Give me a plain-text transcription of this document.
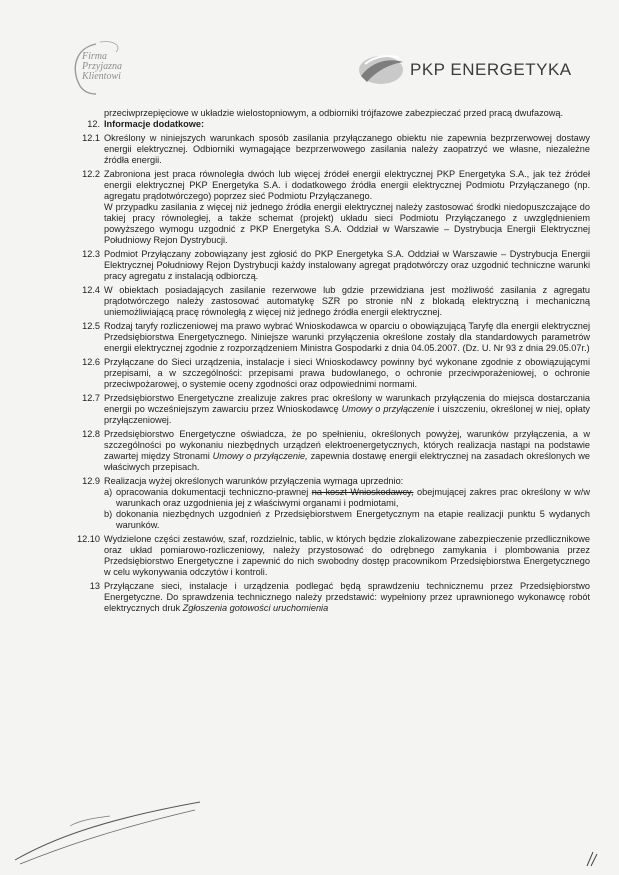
Firma
Przyjazna
Klientowi	PKP ENERGETYKA

przeciwprzepięciowe w układzie wielostopniowym, a odbiorniki trójfazowe zabezpieczać przed pracą dwufazową.

12. Informacje dodatkowe:

12.1 Określony w niniejszych warunkach sposób zasilania przyłączanego obiektu nie zapewnia bezprzerwowej dostawy energii elektrycznej. Odbiorniki wymagające bezprzerwowego zasilania należy zaopatrzyć we własne, niezależne źródła energii.

12.2 Zabroniona jest praca równoległa dwóch lub więcej źródeł energii elektrycznej PKP Energetyka S.A., jak też źródeł energii elektrycznej PKP Energetyka S.A. i dodatkowego źródła energii elektrycznej Podmiotu Przyłączanego (np. agregatu prądotwórczego) poprzez sieć Podmiotu Przyłączanego.

W przypadku zasilania z więcej niż jednego źródła energii elektrycznej należy zastosować środki niedopuszczające do takiej pracy równoległej, a także schemat (projekt) układu sieci Podmiotu Przyłączanego z uwzględnieniem powyższego wymogu uzgodnić z PKP Energetyka S.A. Oddział w Warszawie – Dystrybucja Energii Elektrycznej Południowy Rejon Dystrybucji.

12.3 Podmiot Przyłączany zobowiązany jest zgłosić do PKP Energetyka S.A. Oddział w Warszawie – Dystrybucja Energii Elektrycznej Południowy Rejon Dystrybucji każdy instalowany agregat prądotwórczy oraz uzgodnić techniczne warunki pracy agregatu z instalacją odbiorczą.

12.4 W obiektach posiadających zasilanie rezerwowe lub gdzie przewidziana jest możliwość zasilania z agregatu prądotwórczego należy zastosować automatykę SZR po stronie nN z blokadą elektryczną i mechaniczną uniemożliwiającą pracę równoległą z więcej niż jednego źródła energii elektrycznej.

12.5 Rodzaj taryfy rozliczeniowej ma prawo wybrać Wnioskodawca w oparciu o obowiązującą Taryfę dla energii elektrycznej Przedsiębiorstwa Energetycznego. Niniejsze warunki przyłączenia określone zostały dla standardowych parametrów energii elektrycznej zgodnie z rozporządzeniem Ministra Gospodarki z dnia 04.05.2007. (Dz. U. Nr 93 z dnia 29.05.07r.)

12.6 Przyłączane do Sieci urządzenia, instalacje i sieci Wnioskodawcy powinny być wykonane zgodnie z obowiązującymi przepisami, a w szczególności: przepisami prawa budowlanego, o ochronie przeciwporażeniowej, o ochronie przeciwpożarowej, o systemie oceny zgodności oraz odpowiednimi normami.

12.7 Przedsiębiorstwo Energetyczne zrealizuje zakres prac określony w warunkach przyłączenia do miejsca dostarczania energii po wcześniejszym zawarciu przez Wnioskodawcę Umowy o przyłączenie i uiszczeniu, określonej w niej, opłaty przyłączeniowej.

12.8 Przedsiębiorstwo Energetyczne oświadcza, że po spełnieniu, określonych powyżej, warunków przyłączenia, a w szczególności po wykonaniu niezbędnych urządzeń elektroenergetycznych, których realizacja nastąpi na podstawie zawartej między Stronami Umowy o przyłączenie, zapewnia dostawę energii elektrycznej na zasadach określonych we właściwych przepisach.

12.9 Realizacja wyżej określonych warunków przyłączenia wymaga uprzednio:

a) opracowania dokumentacji techniczno-prawnej na koszt Wnioskodawcy, obejmującej zakres prac określony w w/w warunkach oraz uzgodnienia jej z właściwymi organami i podmiotami,

b) dokonania niezbędnych uzgodnień z Przedsiębiorstwem Energetycznym na etapie realizacji punktu 5 wydanych warunków.

12.10 Wydzielone części zestawów, szaf, rozdzielnic, tablic, w których będzie zlokalizowane zabezpieczenie przedlicznikowe oraz układ pomiarowo-rozliczeniowy, należy przystosować do odrębnego zamykania i plombowania przez Przedsiębiorstwo Energetyczne i zapewnić do nich swobodny dostęp pracownikom Przedsiębiorstwa Energetycznego w celu wykonywania odczytów i kontroli.

13 Przyłączane sieci, instalacje i urządzenia podlegać będą sprawdzeniu technicznemu przez Przedsiębiorstwo Energetyczne. Do sprawdzenia technicznego należy przedstawić: wypełniony przez uprawnionego wykonawcę robót elektrycznych druk Zgłoszenia gotowości uruchomienia
